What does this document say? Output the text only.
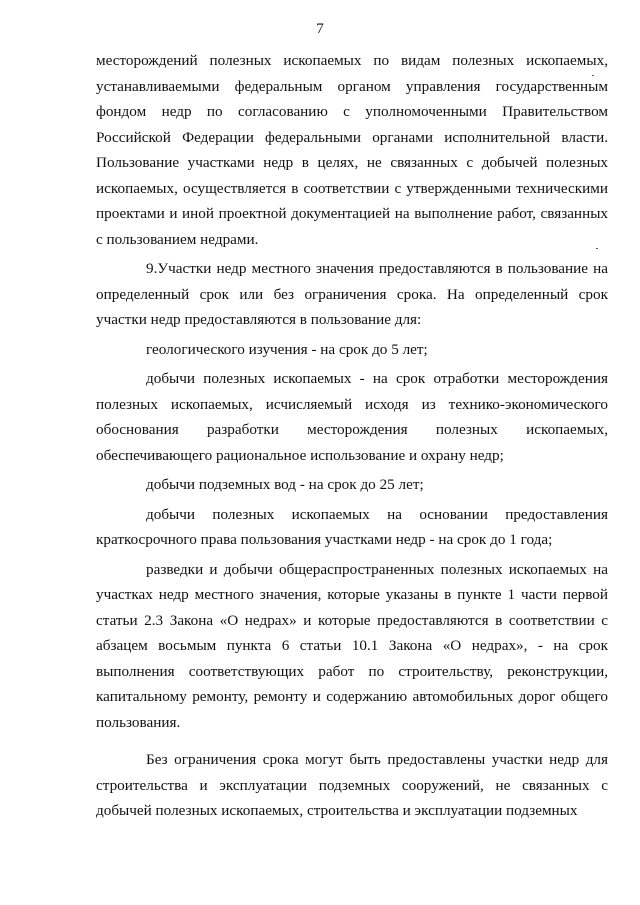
7

месторождений полезных ископаемых по видам полезных ископаемых, устанавливаемыми федеральным органом управления государственным фондом недр по согласованию с уполномоченными Правительством Российской Федерации федеральными органами исполнительной власти. Пользование участками недр в целях, не связанных с добычей полезных ископаемых, осуществляется в соответствии с утвержденными техническими проектами и иной проектной документацией на выполнение работ, связанных с пользованием недрами.

9.Участки недр местного значения предоставляются в пользование на определенный срок или без ограничения срока. На определенный срок участки недр предоставляются в пользование для:

геологического изучения - на срок до 5 лет;

добычи полезных ископаемых - на срок отработки месторождения полезных ископаемых, исчисляемый исходя из технико-экономического обоснования разработки месторождения полезных ископаемых, обеспечивающего рациональное использование и охрану недр;

добычи подземных вод - на срок до 25 лет;

добычи полезных ископаемых на основании предоставления краткосрочного права пользования участками недр - на срок до 1 года;

разведки и добычи общераспространенных полезных ископаемых на участках недр местного значения, которые указаны в пункте 1 части первой статьи 2.3 Закона «О недрах» и которые предоставляются в соответствии с абзацем восьмым пункта 6 статьи 10.1 Закона «О недрах», - на срок выполнения соответствующих работ по строительству, реконструкции, капитальному ремонту, ремонту и содержанию автомобильных дорог общего пользования.

Без ограничения срока могут быть предоставлены участки недр для строительства и эксплуатации подземных сооружений, не связанных с добычей полезных ископаемых, строительства и эксплуатации подземных
